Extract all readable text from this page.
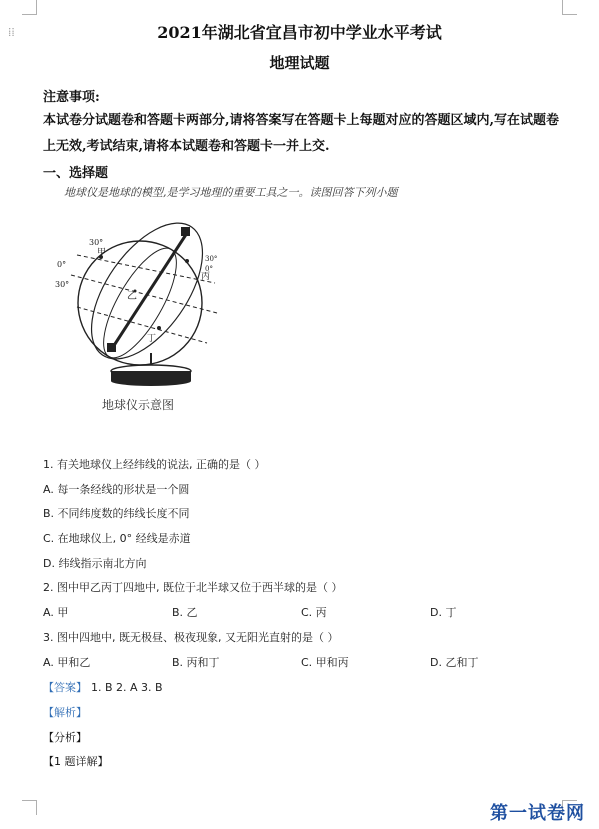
⁞⁞	2021年湖北省宜昌市初中学业水平考试
地理试题
注意事项:
本试卷分试题卷和答题卡两部分,请将答案写在答题卡上每题对应的答题区域内,写在试题卷上无效,考试结束,请将本试题卷和答题卡一并上交.
一、选择题
地球仪是地球的模型,是学习地理的重要工具之一。读图回答下列小题
30°
甲
0°
30°
乙
丙
丁
0°
30°
地球仪示意图
1. 有关地球仪上经纬线的说法, 正确的是（ ）
A. 每一条经线的形状是一个圆
B. 不同纬度数的纬线长度不同
C. 在地球仪上, 0° 经线是赤道
D. 纬线指示南北方向
2. 图中甲乙丙丁四地中, 既位于北半球又位于西半球的是（ ）
A. 甲	B. 乙	C. 丙	D. 丁
3. 图中四地中, 既无极昼、极夜现象, 又无阳光直射的是（ ）
A. 甲和乙	B. 丙和丁	C. 甲和丙	D. 乙和丁
【答案】 1. B 2. A 3. B
【解析】
【分析】
【1 题详解】
第一试卷网
